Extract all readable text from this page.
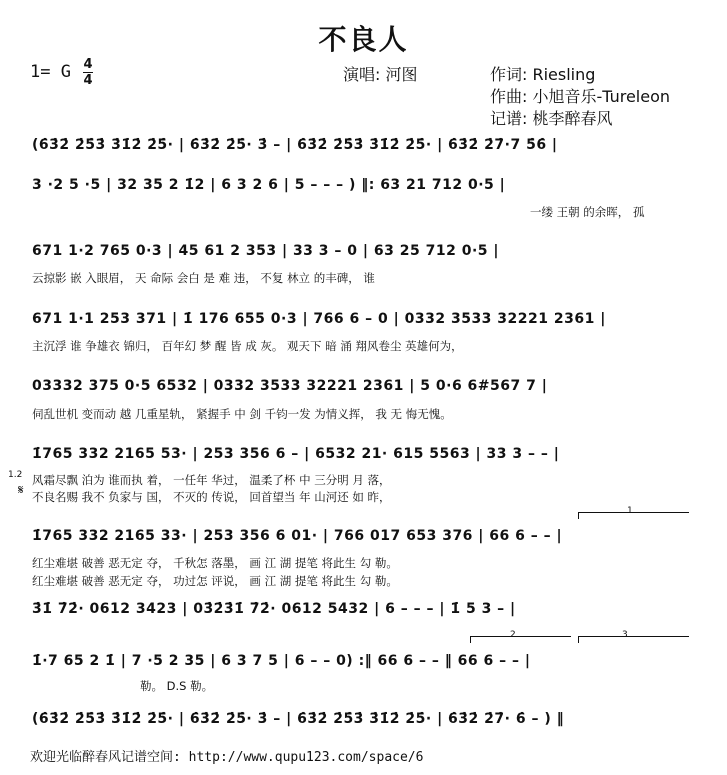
不良人
1= G 4
4	演唱: 河图	作词: Riesling
作曲: 小旭音乐-Tureleon
记谱: 桃李醉春风
(6̇3̇2̇ 2̇5̇3̇ 3̇1̇2̇ 2̇5̇· | 6̇3̇2̇ 2̇5̇· 3̇ – | 6̇3̇2̇ 2̇5̇3̇ 3̇1̇2̇ 2̇5̇· | 6̇3̇2̇ 2̇7̇·7 5̇6̇ |
3 ·2 5 ·5 | 32 35 2 1̇2 | 6 3 2 6 | 5 – – – ) ‖: 63 21 712 0·5 |
一缕 王朝 的余晖， 孤
671 1·2 765 0·3 | 45 61 2 353 | 33 3 – 0 | 63 25 712 0·5 |
云掠影 嵌 入眼眉， 天 命际 会白 是 难 违， 不复 林立 的丰碑， 谁
671 1·1 253 371 | 1̇ 176 655 0·3 | 766 6 – 0 | 0332 3533 32221 2361 |
主沉浮 谁 争雄衣 锦归， 百年幻 梦 醒 皆 成 灰。 观天下 暗 涌 翔风卷尘 英雄何为，
03332 375 0·5 6532 | 0332 3533 32221 2361 | 5 0·6 6#567 7 |
伺乱世机 变而动 越 几重星轨， 紧握手 中 剑 千钧一发 为情义挥， 我 无 悔无愧。
1.2
𝄋
1̇765 332 2165 53· | 253 356 6 – | 6532 21· 615 5563 | 33 3 – – |
风霜尽飘 泊为 谁而执 着， 一任年 华过， 温柔了杯 中 三分明 月 落，
不良名赐 我不 负家与 国， 不灭的 传说， 回首望当 年 山河还 如 昨，
1
1̇765 332 2165 33· | 253 356 6 01· | 766 017 653 376 | 66 6 – – |
红尘难堪 破善 恶无定 夺， 千秋怎 落墨， 画 江 湖 提笔 将此生 勾 勒。
红尘难堪 破善 恶无定 夺， 功过怎 评说， 画 江 湖 提笔 将此生 勾 勒。
3̇1̇ 7̇2̇· 0612 3423 | 03̇2̇3̇1̇ 7̇2̇· 0612 5432 | 6 – – – | 1̇ 5 3 – |
2	3
1̇·7 65 2 1̇ | 7 ·5 2 35 | 6 3 7 5 | 6 – – 0) :‖ 66 6 – – ‖ 66 6 – – |
勒。 D.S 勒。
(6̇3̇2̇ 2̇5̇3̇ 3̇1̇2̇ 2̇5̇· | 6̇3̇2̇ 2̇5̇· 3̇ – | 6̇3̇2̇ 2̇5̇3̇ 3̇1̇2̇ 2̇5̇· | 6̇3̇2̇ 2̇7̇· 6̇ – ) ‖
欢迎光临醉春风记谱空间: http://www.qupu123.com/space/6
